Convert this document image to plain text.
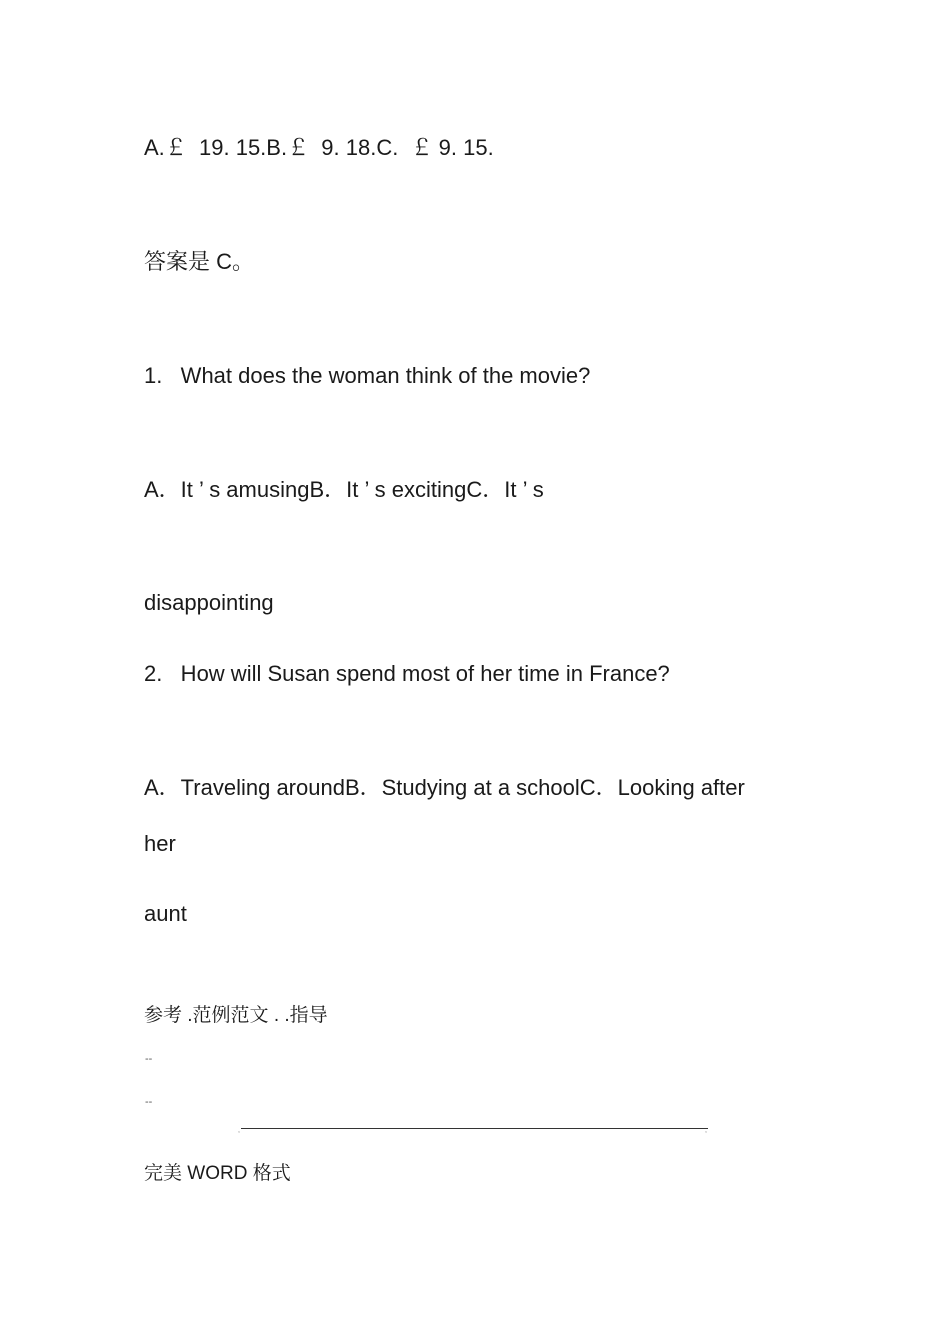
A.￡  19. 15.B.￡  9. 18.C.  ￡ 9. 15.

答案是 C。

1.   What does the woman think of the movie?

A．It ’ s amusingB．It ’ s excitingC．It ’ s

disappointing

2.   How will Susan spend most of her time in France?

A．Traveling aroundB．Studying at a schoolC．Looking after

her

aunt

参考 .范例范文 . .指导

--
--
,	,

完美 WORD 格式
